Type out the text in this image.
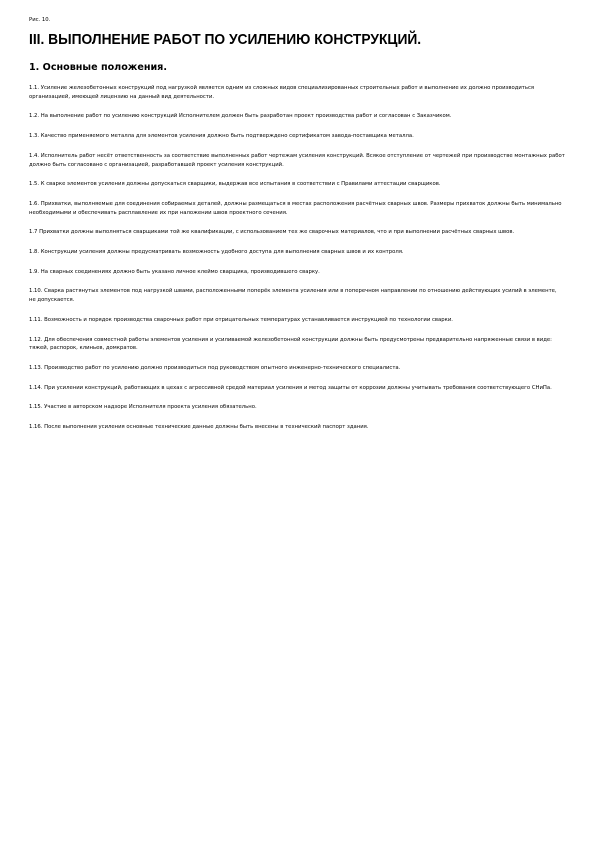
Рис. 10.
III. ВЫПОЛНЕНИЕ РАБОТ ПО УСИЛЕНИЮ КОНСТРУКЦИЙ.
1. Основные положения.
1.1. Усиление железобетонных конструкций под нагрузкой является одним из сложных видов специализированных строительных работ и выполнение их должно производиться организацией, имеющей лицензию на данный вид деятельности.
1.2. На выполнение работ по усилению конструкций Исполнителем должен быть разработан проект производства работ и согласован с Заказчиком.
1.3. Качество применяемого металла для элементов усиления должно быть подтверждено сертификатом завода-поставщика металла.
1.4. Исполнитель работ несёт ответственность за соответствие выполненных работ чертежам усиления конструкций. Всякое отступление от чертежей при производстве монтажных работ должно быть согласовано с организацией, разработавшей проект усиления конструкций.
1.5. К сварке элементов усиления должны допускаться сварщики, выдержав все испытания в соответствии с Правилами аттестации сварщиков.
1.6. Прихватки, выполняемые для соединения собираемых деталей, должны размещаться в местах расположения расчётных сварных швов. Размеры прихваток должны быть минимально необходимыми и обеспечивать расплавление их при наложении швов проектного сечения.
1.7 Прихватки должны выполняться сварщиками той же квалификации, с использованием тех же сварочных материалов, что и при выполнении расчётных сварных швов.
1.8. Конструкции усиления должны предусматривать возможность удобного доступа для выполнения сварных швов и их контроля.
1.9. На сварных соединениях должно быть указано личное клеймо сварщика, производившего сварку.
1.10. Сварка растянутых элементов под нагрузкой швами, расположенными поперёк элемента усиления или в поперечном направлении по отношению действующих усилий в элементе, не допускается.
1.11. Возможность и порядок производства сварочных работ при отрицательных температурах устанавливается инструкцией по технологии сварки.
1.12. Для обеспечения совместной работы элементов усиления и усиливаемой железобетонной конструкции должны быть предусмотрены предварительно напряженные связи в виде: тяжей, распорок, клиньев, домкратов.
1.13. Производство работ по усилению должно производиться под руководством опытного инженерно-технического специалиста.
1.14. При усилении конструкций, работающих в цехах с агрессивной средой материал усиления и метод защиты от коррозии должны учитывать требования соответствующего СНиПа.
1.15. Участие в авторском надзоре Исполнителя проекта усиления обязательно.
1.16. После выполнения усиления основные технические данные должны быть внесены в технический паспорт здания.
